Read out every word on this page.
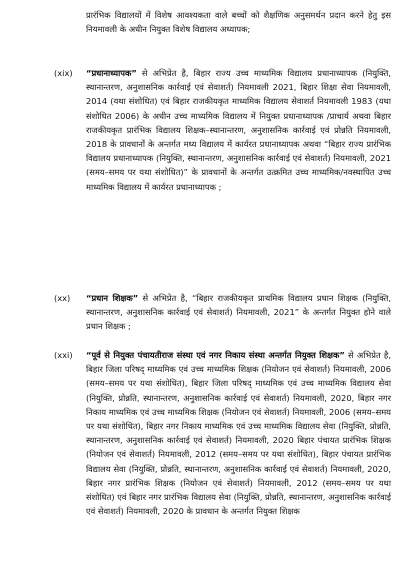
प्रारंभिक विद्यालयों में विशेष आवश्यकता वाले बच्चों को शैक्षणिक अनुसमर्थन प्रदान करने हेतु इस नियमावली के अधीन नियुक्त विशेष विद्यालय अध्यापक;

(xix)	“प्रधानाध्यापक” से अभिप्रेत है, बिहार राज्य उच्च माध्यमिक विद्यालय प्रधानाध्यापक (नियुक्ति, स्थानान्तरण, अनुशासनिक कार्रवाई एवं सेवाशर्त) नियमावली 2021, बिहार शिक्षा सेवा नियमावली, 2014 (यथा संशोधित) एवं बिहार राजकीयकृत माध्यमिक विद्यालय सेवाशर्त नियमावली 1983 (यथा संशोधित 2006) के अधीन उच्च माध्यमिक विद्यालय में नियुक्त प्रधानाध्यापक /प्राचार्य अथवा बिहार राजकीयकृत प्रारंभिक विद्यालय शिक्षक–स्थानान्तरण, अनुशासनिक कार्रवाई एवं प्रोन्नति नियमावली, 2018 के प्रावधानों के अन्तर्गत मध्य विद्यालय में कार्यरत प्रधानाध्यापक अथवा “बिहार राज्य प्रारंभिक विद्यालय प्रधानाध्यापक (नियुक्ति, स्थानान्तरण, अनुशासनिक कार्रवाई एवं सेवाशर्त) नियमावली, 2021 (समय–समय पर यथा संशोधित)” के प्रावधानों के अन्तर्गत उत्क्रमित उच्च माध्यमिक/नवस्थापित उच्च माध्यमिक विद्यालय में कार्यरत प्रधानाध्यापक ;

(xx)	“प्रधान शिक्षक” से अभिप्रेत है, “बिहार राजकीयकृत प्राथमिक विद्यालय प्रधान शिक्षक (नियुक्ति, स्थानान्तरण, अनुशासनिक कार्रवाई एवं सेवाशर्त) नियमावली, 2021” के अन्तर्गत नियुक्त होने वाले प्रधान शिक्षक ;

(xxi)	“पूर्व से नियुक्त पंचायतीराज संस्था एवं नगर निकाय संस्था अन्तर्गत नियुक्त शिक्षक” से अभिप्रेत है, बिहार जिला परिषद् माध्यमिक एवं उच्च माध्यमिक शिक्षक (नियोजन एवं सेवाशर्त) नियमावली, 2006 (समय–समय पर यथा संशोधित), बिहार जिला परिषद् माध्यमिक एवं उच्च माध्यमिक विद्यालय सेवा (नियुक्ति, प्रोन्नति, स्थानान्तरण, अनुशासनिक कार्रवाई एवं सेवाशर्त) नियमावली, 2020, बिहार नगर निकाय माध्यमिक एवं उच्च माध्यमिक शिक्षक (नियोजन एवं सेवाशर्त) नियमावली, 2006 (समय–समय पर यथा संशोधित), बिहार नगर निकाय माध्यमिक एवं उच्च माध्यमिक विद्यालय सेवा (नियुक्ति, प्रोन्नति, स्थानान्तरण, अनुशासनिक कार्रवाई एवं सेवाशर्त) नियमावली, 2020 बिहार पंचायत प्रारंभिक शिक्षक (नियोजन एवं सेवाशर्त) नियमावली, 2012 (समय–समय पर यथा संशोधित), बिहार पंचायत प्रारंभिक विद्यालय सेवा (नियुक्ति, प्रोन्नति, स्थानान्तरण, अनुशासनिक कार्रवाई एवं सेवाशर्त) नियमावली, 2020, बिहार नगर प्रारंभिक शिक्षक (नियोजन एवं सेवाशर्त) नियमावली, 2012 (समय–समय पर यथा संशोधित) एवं बिहार नगर प्रारंभिक विद्यालय सेवा (नियुक्ति, प्रोन्नति, स्थानान्तरण, अनुशासनिक कार्रवाई एवं सेवाशर्त) नियमावली, 2020 के प्रावधान के अन्तर्गत नियुक्त शिक्षक
